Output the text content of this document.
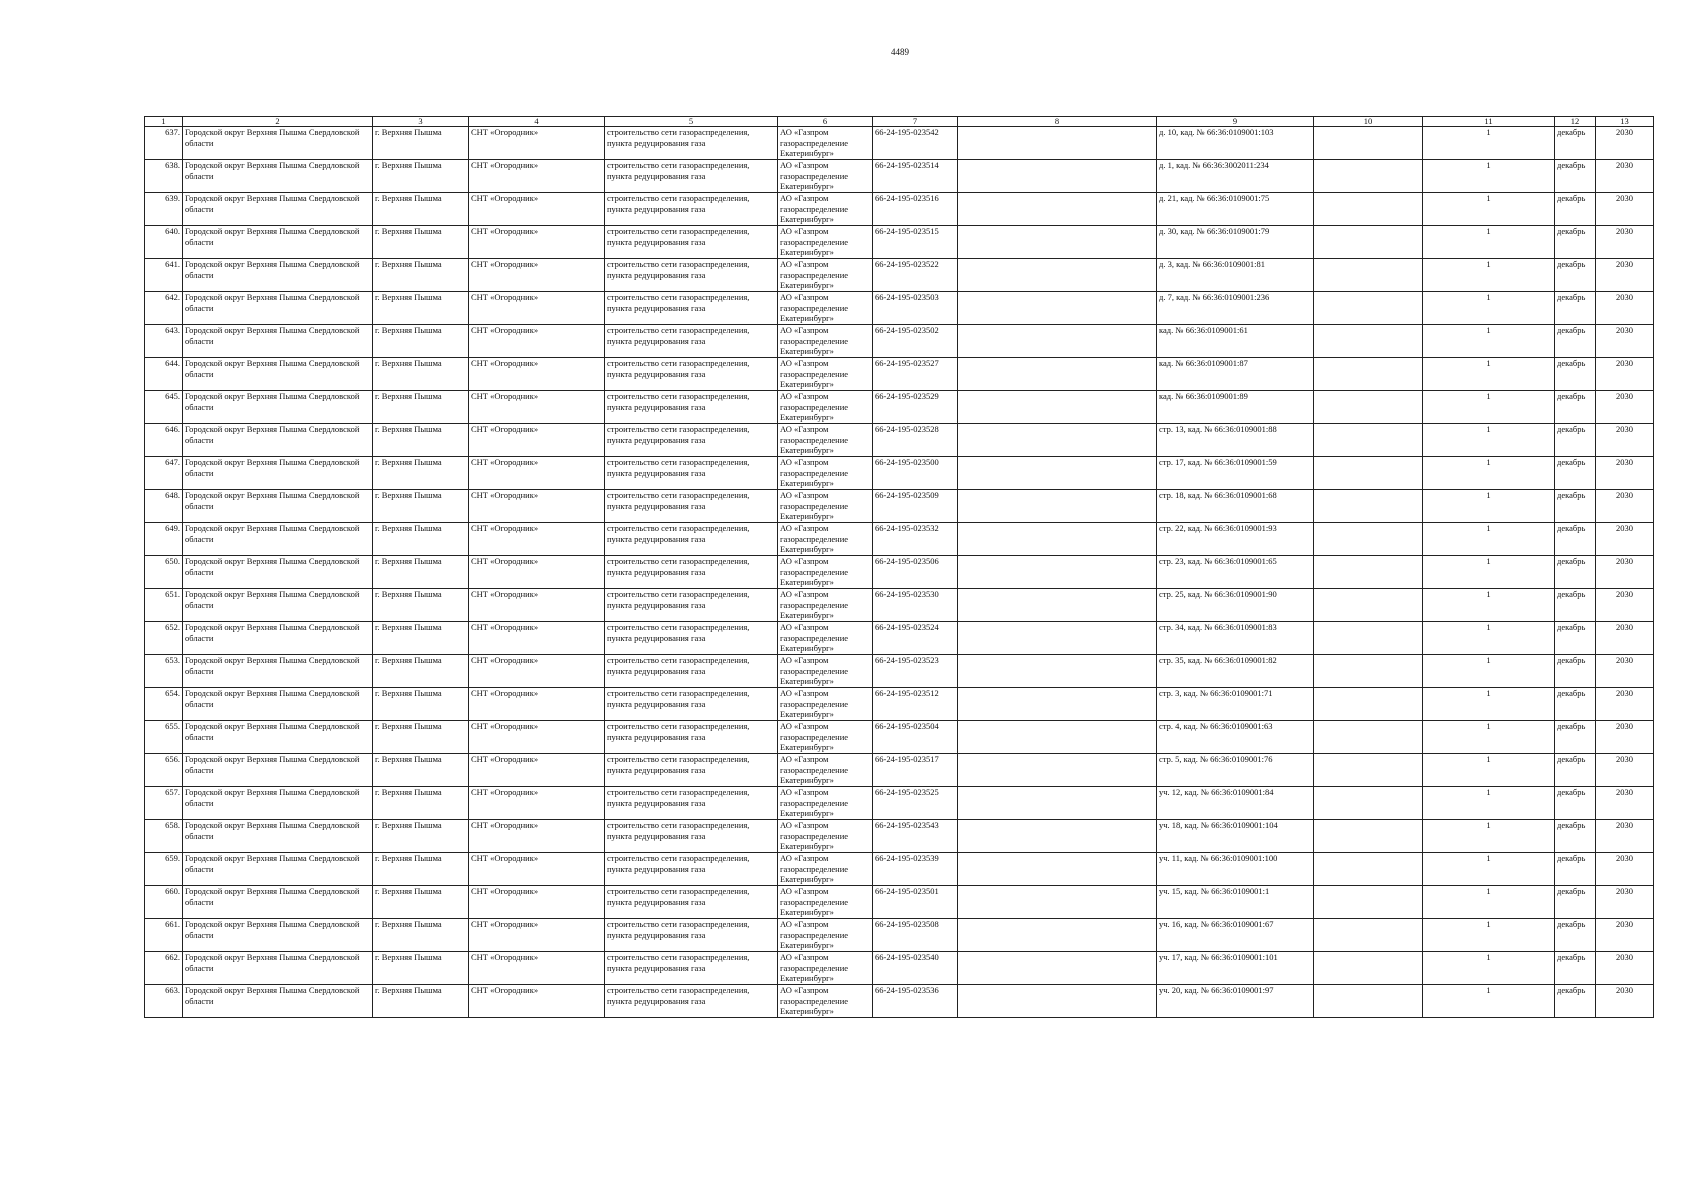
4489
1	2	3	4	5	6	7	8	9	10	11	12	13
637.	Городской округ Верхняя Пышма Свердловской области	г. Верхняя Пышма	СНТ «Огородник»	строительство сети газораспределения, пункта редуцирования газа	АО «Газпром газораспределение Екатеринбург»	66-24-195-023542		д. 10, кад. № 66:36:0109001:103		1	декабрь	2030
638.	Городской округ Верхняя Пышма Свердловской области	г. Верхняя Пышма	СНТ «Огородник»	строительство сети газораспределения, пункта редуцирования газа	АО «Газпром газораспределение Екатеринбург»	66-24-195-023514		д. 1, кад. № 66:36:3002011:234		1	декабрь	2030
639.	Городской округ Верхняя Пышма Свердловской области	г. Верхняя Пышма	СНТ «Огородник»	строительство сети газораспределения, пункта редуцирования газа	АО «Газпром газораспределение Екатеринбург»	66-24-195-023516		д. 21, кад. № 66:36:0109001:75		1	декабрь	2030
640.	Городской округ Верхняя Пышма Свердловской области	г. Верхняя Пышма	СНТ «Огородник»	строительство сети газораспределения, пункта редуцирования газа	АО «Газпром газораспределение Екатеринбург»	66-24-195-023515		д. 30, кад. № 66:36:0109001:79		1	декабрь	2030
641.	Городской округ Верхняя Пышма Свердловской области	г. Верхняя Пышма	СНТ «Огородник»	строительство сети газораспределения, пункта редуцирования газа	АО «Газпром газораспределение Екатеринбург»	66-24-195-023522		д. 3, кад. № 66:36:0109001:81		1	декабрь	2030
642.	Городской округ Верхняя Пышма Свердловской области	г. Верхняя Пышма	СНТ «Огородник»	строительство сети газораспределения, пункта редуцирования газа	АО «Газпром газораспределение Екатеринбург»	66-24-195-023503		д. 7, кад. № 66:36:0109001:236		1	декабрь	2030
643.	Городской округ Верхняя Пышма Свердловской области	г. Верхняя Пышма	СНТ «Огородник»	строительство сети газораспределения, пункта редуцирования газа	АО «Газпром газораспределение Екатеринбург»	66-24-195-023502		кад. № 66:36:0109001:61		1	декабрь	2030
644.	Городской округ Верхняя Пышма Свердловской области	г. Верхняя Пышма	СНТ «Огородник»	строительство сети газораспределения, пункта редуцирования газа	АО «Газпром газораспределение Екатеринбург»	66-24-195-023527		кад. № 66:36:0109001:87		1	декабрь	2030
645.	Городской округ Верхняя Пышма Свердловской области	г. Верхняя Пышма	СНТ «Огородник»	строительство сети газораспределения, пункта редуцирования газа	АО «Газпром газораспределение Екатеринбург»	66-24-195-023529		кад. № 66:36:0109001:89		1	декабрь	2030
646.	Городской округ Верхняя Пышма Свердловской области	г. Верхняя Пышма	СНТ «Огородник»	строительство сети газораспределения, пункта редуцирования газа	АО «Газпром газораспределение Екатеринбург»	66-24-195-023528		стр. 13, кад. № 66:36:0109001:88		1	декабрь	2030
647.	Городской округ Верхняя Пышма Свердловской области	г. Верхняя Пышма	СНТ «Огородник»	строительство сети газораспределения, пункта редуцирования газа	АО «Газпром газораспределение Екатеринбург»	66-24-195-023500		стр. 17, кад. № 66:36:0109001:59		1	декабрь	2030
648.	Городской округ Верхняя Пышма Свердловской области	г. Верхняя Пышма	СНТ «Огородник»	строительство сети газораспределения, пункта редуцирования газа	АО «Газпром газораспределение Екатеринбург»	66-24-195-023509		стр. 18, кад. № 66:36:0109001:68		1	декабрь	2030
649.	Городской округ Верхняя Пышма Свердловской области	г. Верхняя Пышма	СНТ «Огородник»	строительство сети газораспределения, пункта редуцирования газа	АО «Газпром газораспределение Екатеринбург»	66-24-195-023532		стр. 22, кад. № 66:36:0109001:93		1	декабрь	2030
650.	Городской округ Верхняя Пышма Свердловской области	г. Верхняя Пышма	СНТ «Огородник»	строительство сети газораспределения, пункта редуцирования газа	АО «Газпром газораспределение Екатеринбург»	66-24-195-023506		стр. 23, кад. № 66:36:0109001:65		1	декабрь	2030
651.	Городской округ Верхняя Пышма Свердловской области	г. Верхняя Пышма	СНТ «Огородник»	строительство сети газораспределения, пункта редуцирования газа	АО «Газпром газораспределение Екатеринбург»	66-24-195-023530		стр. 25, кад. № 66:36:0109001:90		1	декабрь	2030
652.	Городской округ Верхняя Пышма Свердловской области	г. Верхняя Пышма	СНТ «Огородник»	строительство сети газораспределения, пункта редуцирования газа	АО «Газпром газораспределение Екатеринбург»	66-24-195-023524		стр. 34, кад. № 66:36:0109001:83		1	декабрь	2030
653.	Городской округ Верхняя Пышма Свердловской области	г. Верхняя Пышма	СНТ «Огородник»	строительство сети газораспределения, пункта редуцирования газа	АО «Газпром газораспределение Екатеринбург»	66-24-195-023523		стр. 35, кад. № 66:36:0109001:82		1	декабрь	2030
654.	Городской округ Верхняя Пышма Свердловской области	г. Верхняя Пышма	СНТ «Огородник»	строительство сети газораспределения, пункта редуцирования газа	АО «Газпром газораспределение Екатеринбург»	66-24-195-023512		стр. 3, кад. № 66:36:0109001:71		1	декабрь	2030
655.	Городской округ Верхняя Пышма Свердловской области	г. Верхняя Пышма	СНТ «Огородник»	строительство сети газораспределения, пункта редуцирования газа	АО «Газпром газораспределение Екатеринбург»	66-24-195-023504		стр. 4, кад. № 66:36:0109001:63		1	декабрь	2030
656.	Городской округ Верхняя Пышма Свердловской области	г. Верхняя Пышма	СНТ «Огородник»	строительство сети газораспределения, пункта редуцирования газа	АО «Газпром газораспределение Екатеринбург»	66-24-195-023517		стр. 5, кад. № 66:36:0109001:76		1	декабрь	2030
657.	Городской округ Верхняя Пышма Свердловской области	г. Верхняя Пышма	СНТ «Огородник»	строительство сети газораспределения, пункта редуцирования газа	АО «Газпром газораспределение Екатеринбург»	66-24-195-023525		уч. 12, кад. № 66:36:0109001:84		1	декабрь	2030
658.	Городской округ Верхняя Пышма Свердловской области	г. Верхняя Пышма	СНТ «Огородник»	строительство сети газораспределения, пункта редуцирования газа	АО «Газпром газораспределение Екатеринбург»	66-24-195-023543		уч. 18, кад. № 66:36:0109001:104		1	декабрь	2030
659.	Городской округ Верхняя Пышма Свердловской области	г. Верхняя Пышма	СНТ «Огородник»	строительство сети газораспределения, пункта редуцирования газа	АО «Газпром газораспределение Екатеринбург»	66-24-195-023539		уч. 11, кад. № 66:36:0109001:100		1	декабрь	2030
660.	Городской округ Верхняя Пышма Свердловской области	г. Верхняя Пышма	СНТ «Огородник»	строительство сети газораспределения, пункта редуцирования газа	АО «Газпром газораспределение Екатеринбург»	66-24-195-023501		уч. 15, кад. № 66:36:0109001:1		1	декабрь	2030
661.	Городской округ Верхняя Пышма Свердловской области	г. Верхняя Пышма	СНТ «Огородник»	строительство сети газораспределения, пункта редуцирования газа	АО «Газпром газораспределение Екатеринбург»	66-24-195-023508		уч. 16, кад. № 66:36:0109001:67		1	декабрь	2030
662.	Городской округ Верхняя Пышма Свердловской области	г. Верхняя Пышма	СНТ «Огородник»	строительство сети газораспределения, пункта редуцирования газа	АО «Газпром газораспределение Екатеринбург»	66-24-195-023540		уч. 17, кад. № 66:36:0109001:101		1	декабрь	2030
663.	Городской округ Верхняя Пышма Свердловской области	г. Верхняя Пышма	СНТ «Огородник»	строительство сети газораспределения, пункта редуцирования газа	АО «Газпром газораспределение Екатеринбург»	66-24-195-023536		уч. 20, кад. № 66:36:0109001:97		1	декабрь	2030
